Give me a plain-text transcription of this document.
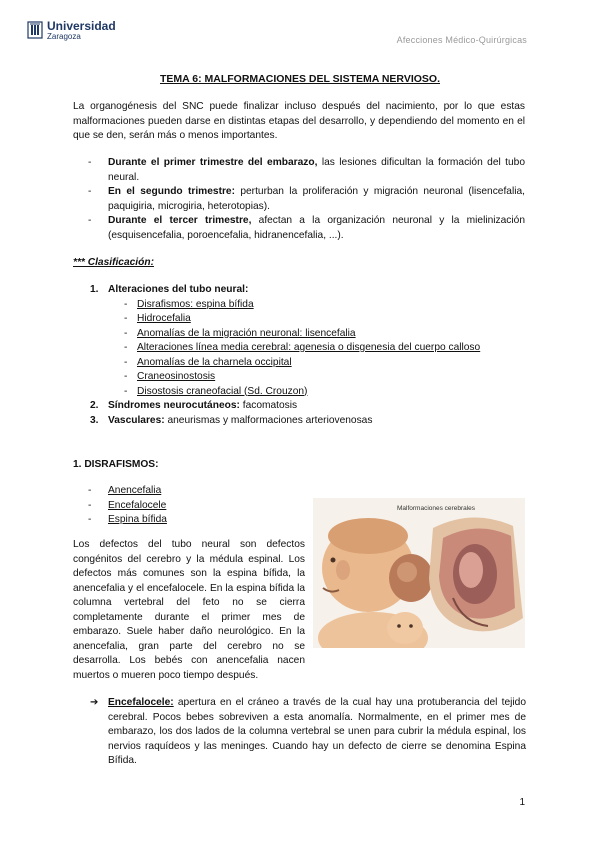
Universidad
Zaragoza	Afecciones Médico-Quirúrgicas
TEMA 6: MALFORMACIONES DEL SISTEMA NERVIOSO.
La organogénesis del SNC puede finalizar incluso después del nacimiento, por lo que estas malformaciones pueden darse en distintas etapas del desarrollo, y dependiendo del momento en el que se den, serán más o menos importantes.
- Durante el primer trimestre del embarazo, las lesiones dificultan la formación del tubo neural.
- En el segundo trimestre: perturban la proliferación y migración neuronal (lisencefalia, paquigiria, microgiria, heterotopias).
- Durante el tercer trimestre, afectan a la organización neuronal y la mielinización (esquisencefalia, poroencefalia, hidranencefalia, ...).
*** Clasificación:
1. Alteraciones del tubo neural:
- Disrafismos: espina bífida
- Hidrocefalia
- Anomalías de la migración neuronal: lisencefalia
- Alteraciones línea media cerebral: agenesia o disgenesia del cuerpo calloso
- Anomalías de la charnela occipital
- Craneosinostosis
- Disostosis craneofacial (Sd. Crouzon)
2. Síndromes neurocutáneos: facomatosis
3. Vasculares: aneurismas y malformaciones arteriovenosas
1. DISRAFISMOS:
- Anencefalia
- Encefalocele
- Espina bífida
Los defectos del tubo neural son defectos congénitos del cerebro y la médula espinal. Los defectos más comunes son la espina bífida, la anencefalia y el encefalocele. En la espina bífida la columna vertebral del feto no se cierra completamente durante el primer mes de embarazo. Suele haber daño neurológico. En la anencefalia, gran parte del cerebro no se desarrolla. Los bebés con anencefalia nacen muertos o mueren poco tiempo después.
Malformaciones cerebrales
➔ Encefalocele: apertura en el cráneo a través de la cual hay una protuberancia del tejido cerebral. Pocos bebes sobreviven a esta anomalía. Normalmente, en el primer mes de embarazo, los dos lados de la columna vertebral se unen para cubrir la médula espinal, los nervios raquídeos y las meninges. Cuando hay un defecto de cierre se denomina Espina Bífida.
1
